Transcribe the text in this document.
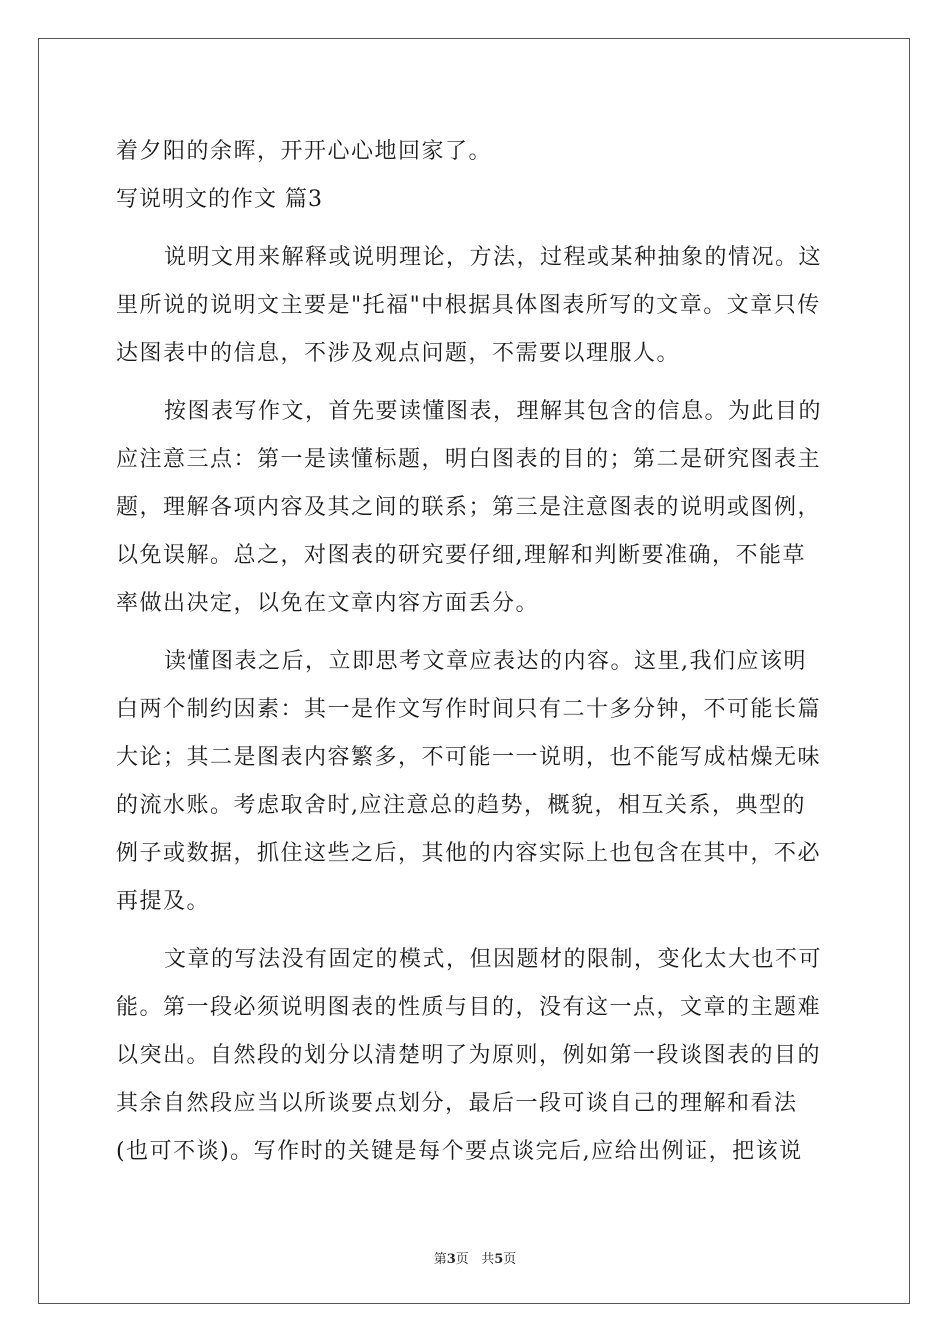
着夕阳的余晖，开开心心地回家了。
写说明文的作文 篇3
说明文用来解释或说明理论，方法，过程或某种抽象的情况。这
里所说的说明文主要是"托福"中根据具体图表所写的文章。文章只传
达图表中的信息，不涉及观点问题，不需要以理服人。
按图表写作文，首先要读懂图表，理解其包含的信息。为此目的
应注意三点：第一是读懂标题，明白图表的目的；第二是研究图表主
题，理解各项内容及其之间的联系；第三是注意图表的说明或图例，
以免误解。总之，对图表的研究要仔细,理解和判断要准确，不能草
率做出决定，以免在文章内容方面丢分。
读懂图表之后，立即思考文章应表达的内容。这里,我们应该明
白两个制约因素：其一是作文写作时间只有二十多分钟，不可能长篇
大论；其二是图表内容繁多，不可能一一说明，也不能写成枯燥无味
的流水账。考虑取舍时,应注意总的趋势，概貌，相互关系，典型的
例子或数据，抓住这些之后，其他的内容实际上也包含在其中，不必
再提及。
文章的写法没有固定的模式，但因题材的限制，变化太大也不可
能。第一段必须说明图表的性质与目的，没有这一点，文章的主题难
以突出。自然段的划分以清楚明了为原则，例如第一段谈图表的目的
其余自然段应当以所谈要点划分，最后一段可谈自己的理解和看法
(也可不谈)。写作时的关键是每个要点谈完后,应给出例证，把该说
第3页 共5页
